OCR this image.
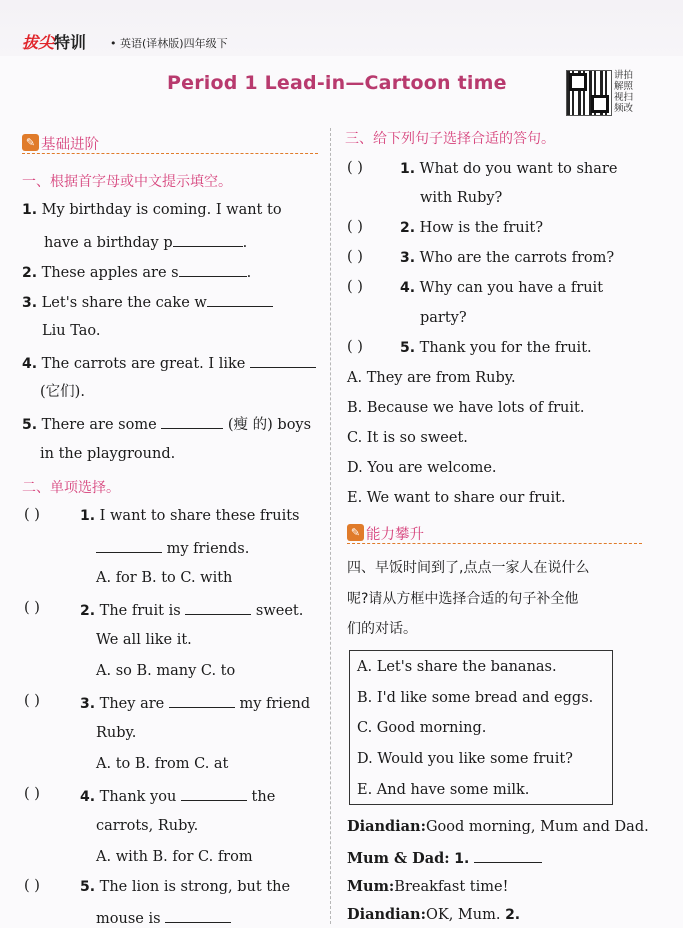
拔尖特训 • 英语(译林版)四年级下
Period 1 Lead-in—Cartoon time	讲拍解照视扫频改
✎ 基础进阶
一、根据首字母或中文提示填空。
1. My birthday is coming. I want to
have a birthday p	.
2. These apples are s	.
3. Let's share the cake w
Liu Tao.
4. The carrots are great. I like
(它们).
5. There are some	(瘦 的) boys
in the playground.
二、单项选择。
( )	1. I want to share these fruits
my friends.
A. for B. to C. with
( )	2. The fruit is	sweet.
We all like it.
A. so B. many C. to
( )	3. They are	my friend
Ruby.
A. to B. from C. at
( )	4. Thank you	the
carrots, Ruby.
A. with B. for C. from
( )	5. The lion is strong, but the
mouse is
三、给下列句子选择合适的答句。
( )	1. What do you want to share
with Ruby?
( )	2. How is the fruit?
( )	3. Who are the carrots from?
( )	4. Why can you have a fruit
party?
( )	5. Thank you for the fruit.
A. They are from Ruby.
B. Because we have lots of fruit.
C. It is so sweet.
D. You are welcome.
E. We want to share our fruit.
✎ 能力攀升
四、早饭时间到了,点点一家人在说什么
呢?请从方框中选择合适的句子补全他
们的对话。
A. Let's share the bananas.
B. I'd like some bread and eggs.
C. Good morning.
D. Would you like some fruit?
E. And have some milk.
Diandian:Good morning, Mum and Dad.
Mum & Dad: 1.
Mum:Breakfast time!
Diandian:OK, Mum. 2.
